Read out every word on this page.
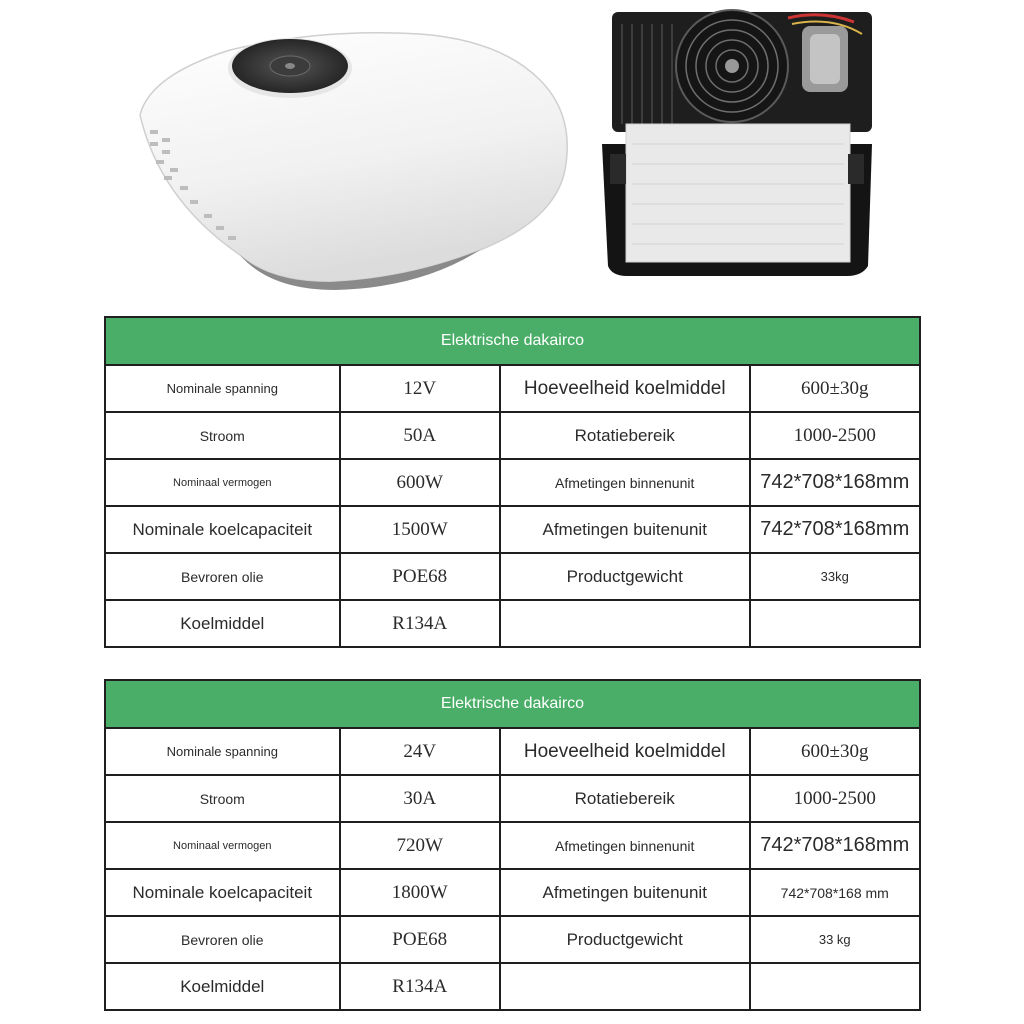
Elektrische dakairco			
Nominale spanning	12V	Hoeveelheid koelmiddel	600±30g
Stroom	50A	Rotatiebereik	1000-2500
Nominaal vermogen	600W	Afmetingen binnenunit	742*708*168mm
Nominale koelcapaciteit	1500W	Afmetingen buitenunit	742*708*168mm
Bevroren olie	POE68	Productgewicht	33kg
Koelmiddel	R134A		
Elektrische dakairco			
Nominale spanning	24V	Hoeveelheid koelmiddel	600±30g
Stroom	30A	Rotatiebereik	1000-2500
Nominaal vermogen	720W	Afmetingen binnenunit	742*708*168mm
Nominale koelcapaciteit	1800W	Afmetingen buitenunit	742*708*168 mm
Bevroren olie	POE68	Productgewicht	33 kg
Koelmiddel	R134A		
